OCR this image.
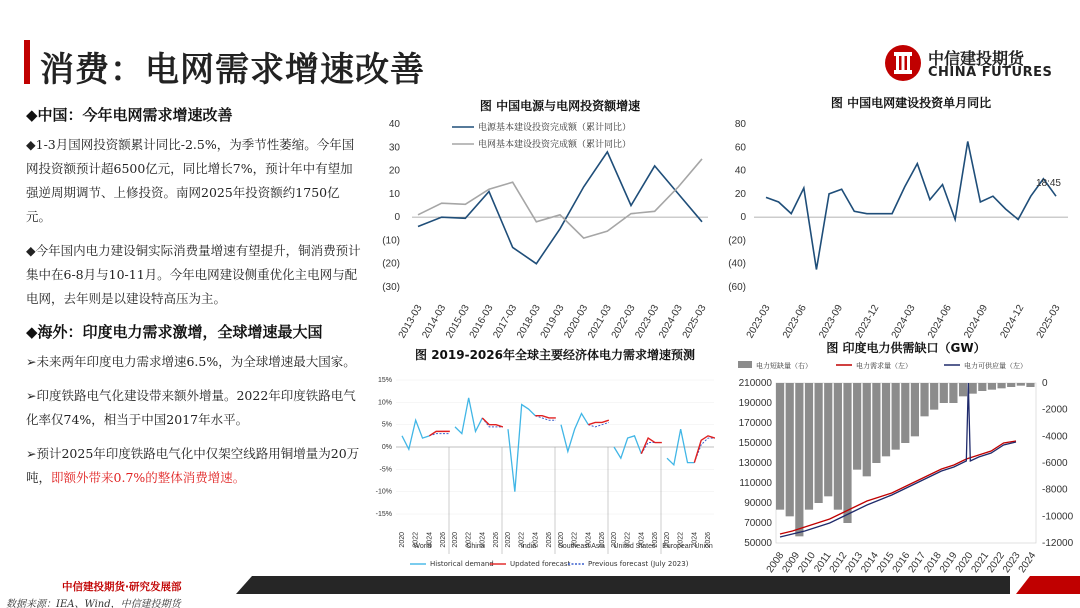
消费：电网需求增速改善	中信建投期货
CHINA FUTURES
◆中国：今年电网需求增速改善
◆1-3月国网投资额累计同比-2.5%，为季节性萎缩。今年国网投资额预计超6500亿元，同比增长7%，预计年中有望加强逆周期调节、上修投资。南网2025年投资额约1750亿元。
◆今年国内电力建设铜实际消费量增速有望提升，铜消费预计集中在6-8月与10-11月。今年电网建设侧重优化主电网与配电网，去年则是以建设特高压为主。
◆海外：印度电力需求激增，全球增速最大国
➢未来两年印度电力需求增速6.5%，为全球增速最大国家。
➢印度铁路电气化建设带来额外增量。2022年印度铁路电气化率仅74%，相当于中国2017年水平。
➢预计2025年印度铁路电气化中仅架空线路用铜增量为20万吨，即额外带来0.7%的整体消费增速。
图 中国电源与电网投资额增速
(30)
(20)
(10)
0
10
20
30
40
2013-03
2014-03
2015-03
2016-03
2017-03
2018-03
2019-03
2020-03
2021-03
2022-03
2023-03
2024-03
2025-03
电源基本建设投资完成额（累计同比）
电网基本建设投资完成额（累计同比）
图 中国电网建设投资单月同比
(60)
(40)
(20)
0
20
40
60
80
2023-03 2023-06 2023-09 2023-12 2024-03 2024-06 2024-09 2024-12 2025-03
18:45
图 2019-2026年全球主要经济体电力需求增速预测
-15%
-10%
-5%
0%
5%
10%
15%
2020 2022 2024 2026
World	2020 2022 2024 2026
China	2020 2022 2024 2026
India	2020 2022 2024 2026
Southeast Asia 2020 2022 2024 2026
United States 2020 2022 2024 2026
European Union
Historical demand Updated forecast	Previous forecast (July 2023)
图 印度电力供需缺口（GW）
电力短缺量（右）	电力需求量（左）	电力可供应量（左）
50000
70000
90000
110000
130000
150000
170000
190000
210000
-12000
-10000
-8000
-6000
-4000
-2000
0
2008
2009
2010
2011
2012
2013
2014
2015
2016
2017
2018
2019
2020
2021
2022
2023
2024
中信建投期货·研究发展部
数据来源：IEA、Wind，中信建投期货
